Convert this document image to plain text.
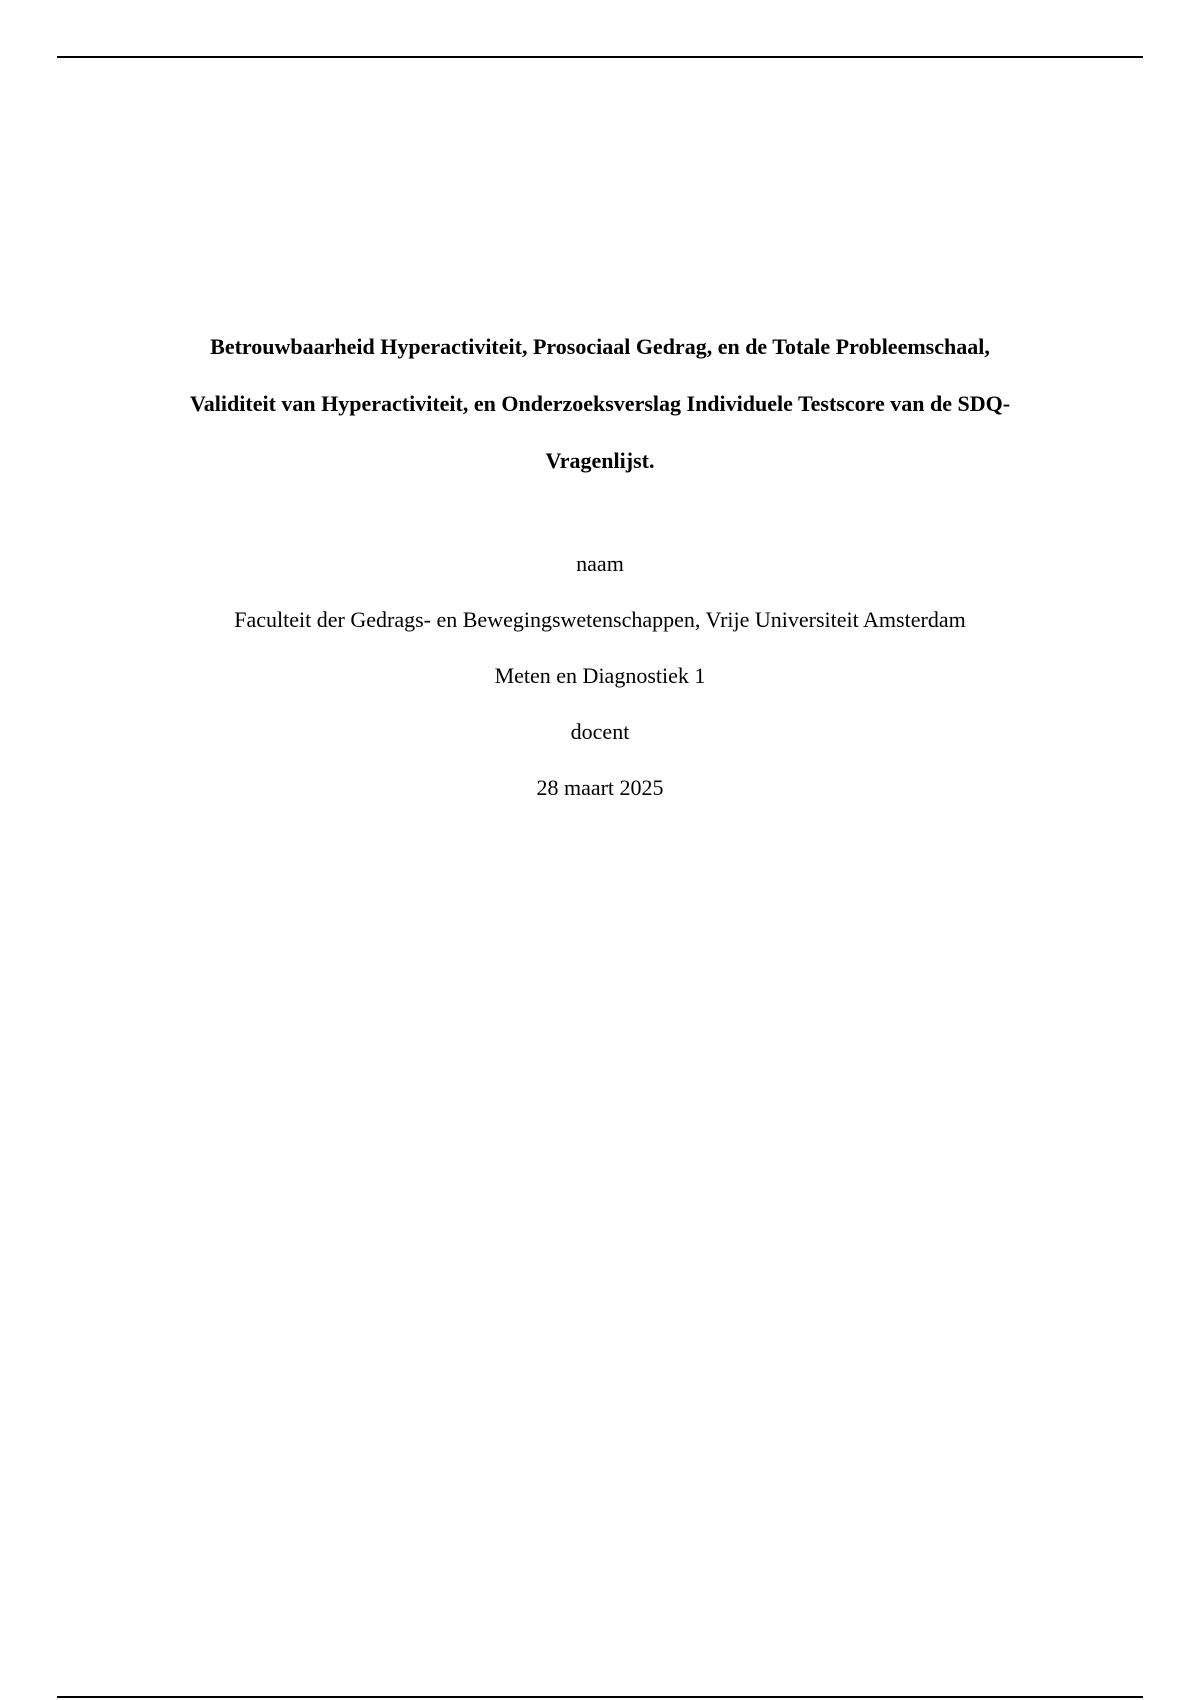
Betrouwbaarheid Hyperactiviteit, Prosociaal Gedrag, en de Totale Probleemschaal,
Validiteit van Hyperactiviteit, en Onderzoeksverslag Individuele Testscore van de SDQ-
Vragenlijst.
naam
Faculteit der Gedrags- en Bewegingswetenschappen, Vrije Universiteit Amsterdam
Meten en Diagnostiek 1
docent
28 maart 2025
